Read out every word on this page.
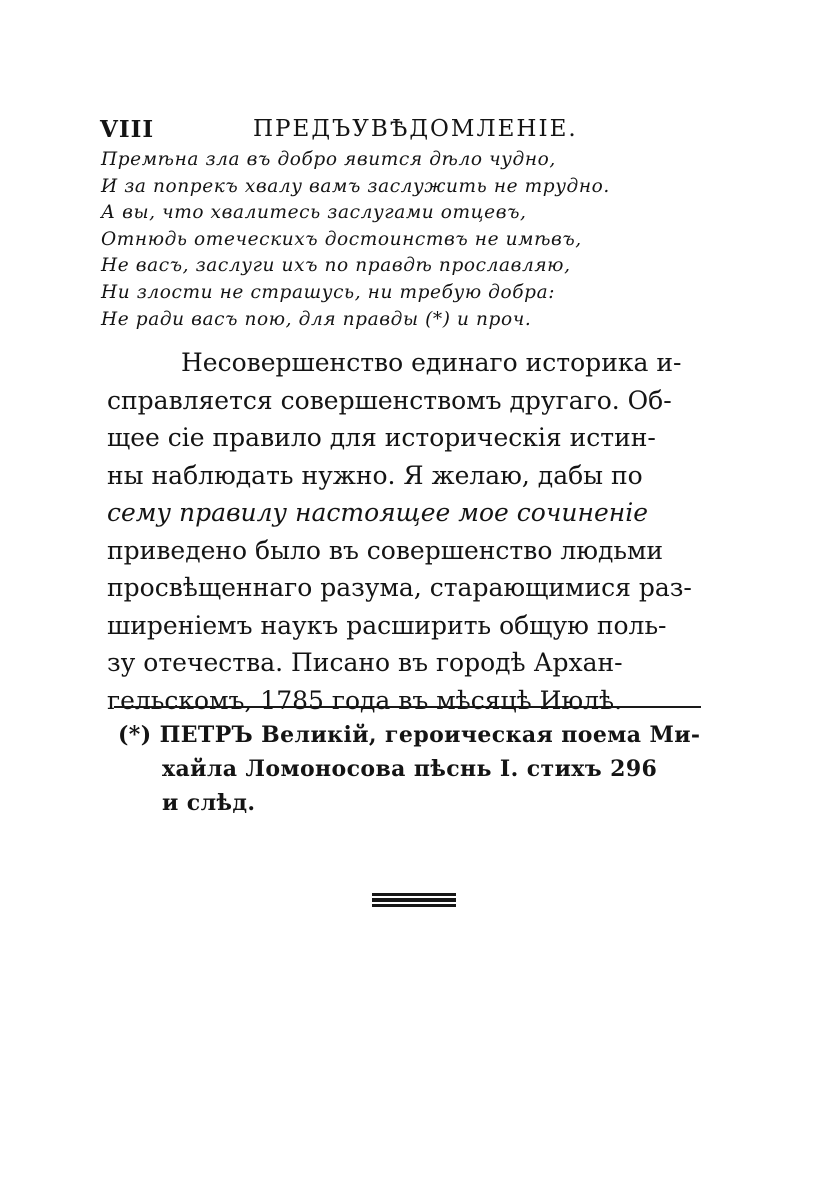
VIII	ПРЕДЪУВѢДОМЛЕНІЕ.
Премѣна зла въ добро явится дѣло чудно,
И за попрекъ хвалу вамъ заслужить не трудно.
А вы, что хвалитесь заслугами отцевъ,
Отнюдь отеческихъ достоинствъ не имѣвъ,
Не васъ, заслуги ихъ по правдѣ прославляю,
Ни злости не страшусь, ни требую добра:
Не ради васъ пою, для правды (*) и проч.
Несовершенство единаго историка и-
справляется совершенствомъ другаго. Об-
щее сіе правило для историческія истин-
ны наблюдать нужно. Я желаю, дабы по
сему правилу настоящее мое сочиненіе
приведено было въ совершенство людьми
просвѣщеннаго разума, старающимися раз-
ширеніемъ наукъ расширить общую поль-
зу отечества. Писано въ городѣ Архан-
гельскомъ, 1785 года въ мѣсяцѣ Июлѣ.
(*) ПЕТРЪ Великій, героическая поема Ми-
хайла Ломоносова пѣснь I. стихъ 296
и слѣд.
